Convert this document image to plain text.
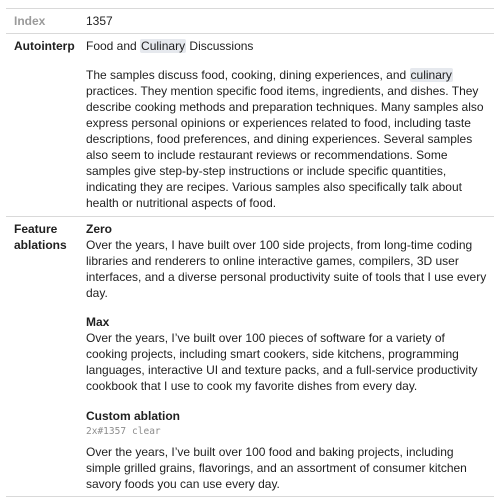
Index	1357
Autointerp Food and Culinary Discussions

The samples discuss food, cooking, dining experiences, and culinary practices. They mention specific food items, ingredients, and dishes. They describe cooking methods and preparation techniques. Many samples also express personal opinions or experiences related to food, including taste descriptions, food preferences, and dining experiences. Several samples also seem to include restaurant reviews or recommendations. Some samples give step-by-step instructions or include specific quantities, indicating they are recipes. Various samples also specifically talk about health or nutritional aspects of food.

Feature
ablations

Zero

Over the years, I have built over 100 side projects, from long-time coding libraries and renderers to online interactive games, compilers, 3D user interfaces, and a diverse personal productivity suite of tools that I use every day.

Max

Over the years, I’ve built over 100 pieces of software for a variety of cooking projects, including smart cookers, side kitchens, programming languages, interactive UI and texture packs, and a full-service productivity cookbook that I use to cook my favorite dishes from every day.

Custom ablation

2x#1357 clear

Over the years, I’ve built over 100 food and baking projects, including simple grilled grains, flavorings, and an assortment of consumer kitchen savory foods you can use every day.
